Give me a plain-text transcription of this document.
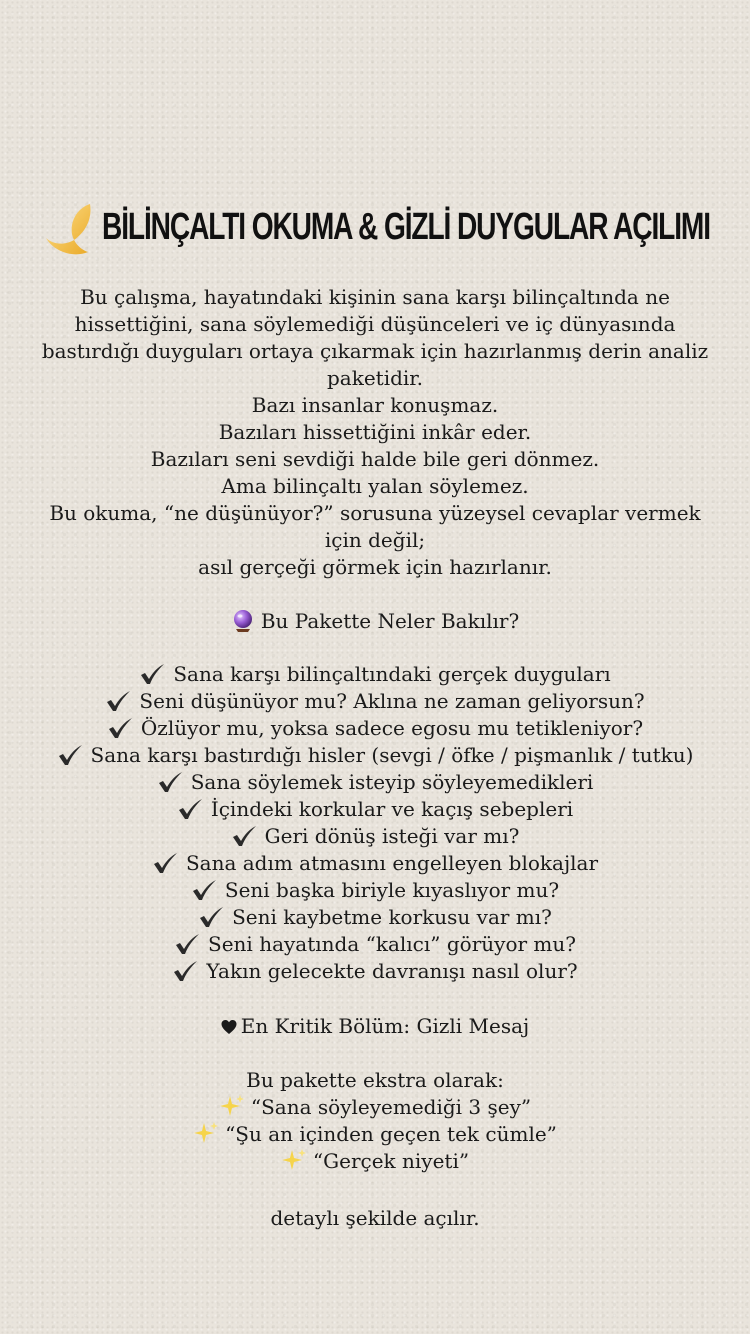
BİLİNÇALTI OKUMA & GİZLİ DUYGULAR AÇILIMI

Bu çalışma, hayatındaki kişinin sana karşı bilinçaltında ne hissettiğini, sana söylemediği düşünceleri ve iç dünyasında bastırdığı duyguları ortaya çıkarmak için hazırlanmış derin analiz paketidir.

Bazı insanlar konuşmaz.

Bazıları hissettiğini inkâr eder.

Bazıları seni sevdiği halde bile geri dönmez.

Ama bilinçaltı yalan söylemez.

Bu okuma, “ne düşünüyor?” sorusuna yüzeysel cevaplar vermek için değil;

asıl gerçeği görmek için hazırlanır.

Bu Pakette Neler Bakılır?
Sana karşı bilinçaltındaki gerçek duyguları
Seni düşünüyor mu? Aklına ne zaman geliyorsun?
Özlüyor mu, yoksa sadece egosu mu tetikleniyor?
Sana karşı bastırdığı hisler (sevgi / öfke / pişmanlık / tutku)
Sana söylemek isteyip söyleyemedikleri
İçindeki korkular ve kaçış sebepleri
Geri dönüş isteği var mı?
Sana adım atmasını engelleyen blokajlar
Seni başka biriyle kıyaslıyor mu?
Seni kaybetme korkusu var mı?
Seni hayatında “kalıcı” görüyor mu?
Yakın gelecekte davranışı nasıl olur?
En Kritik Bölüm: Gizli Mesaj

Bu pakette ekstra olarak:

“Sana söyleyemediği 3 şey”

“Şu an içinden geçen tek cümle”

“Gerçek niyeti”

detaylı şekilde açılır.
